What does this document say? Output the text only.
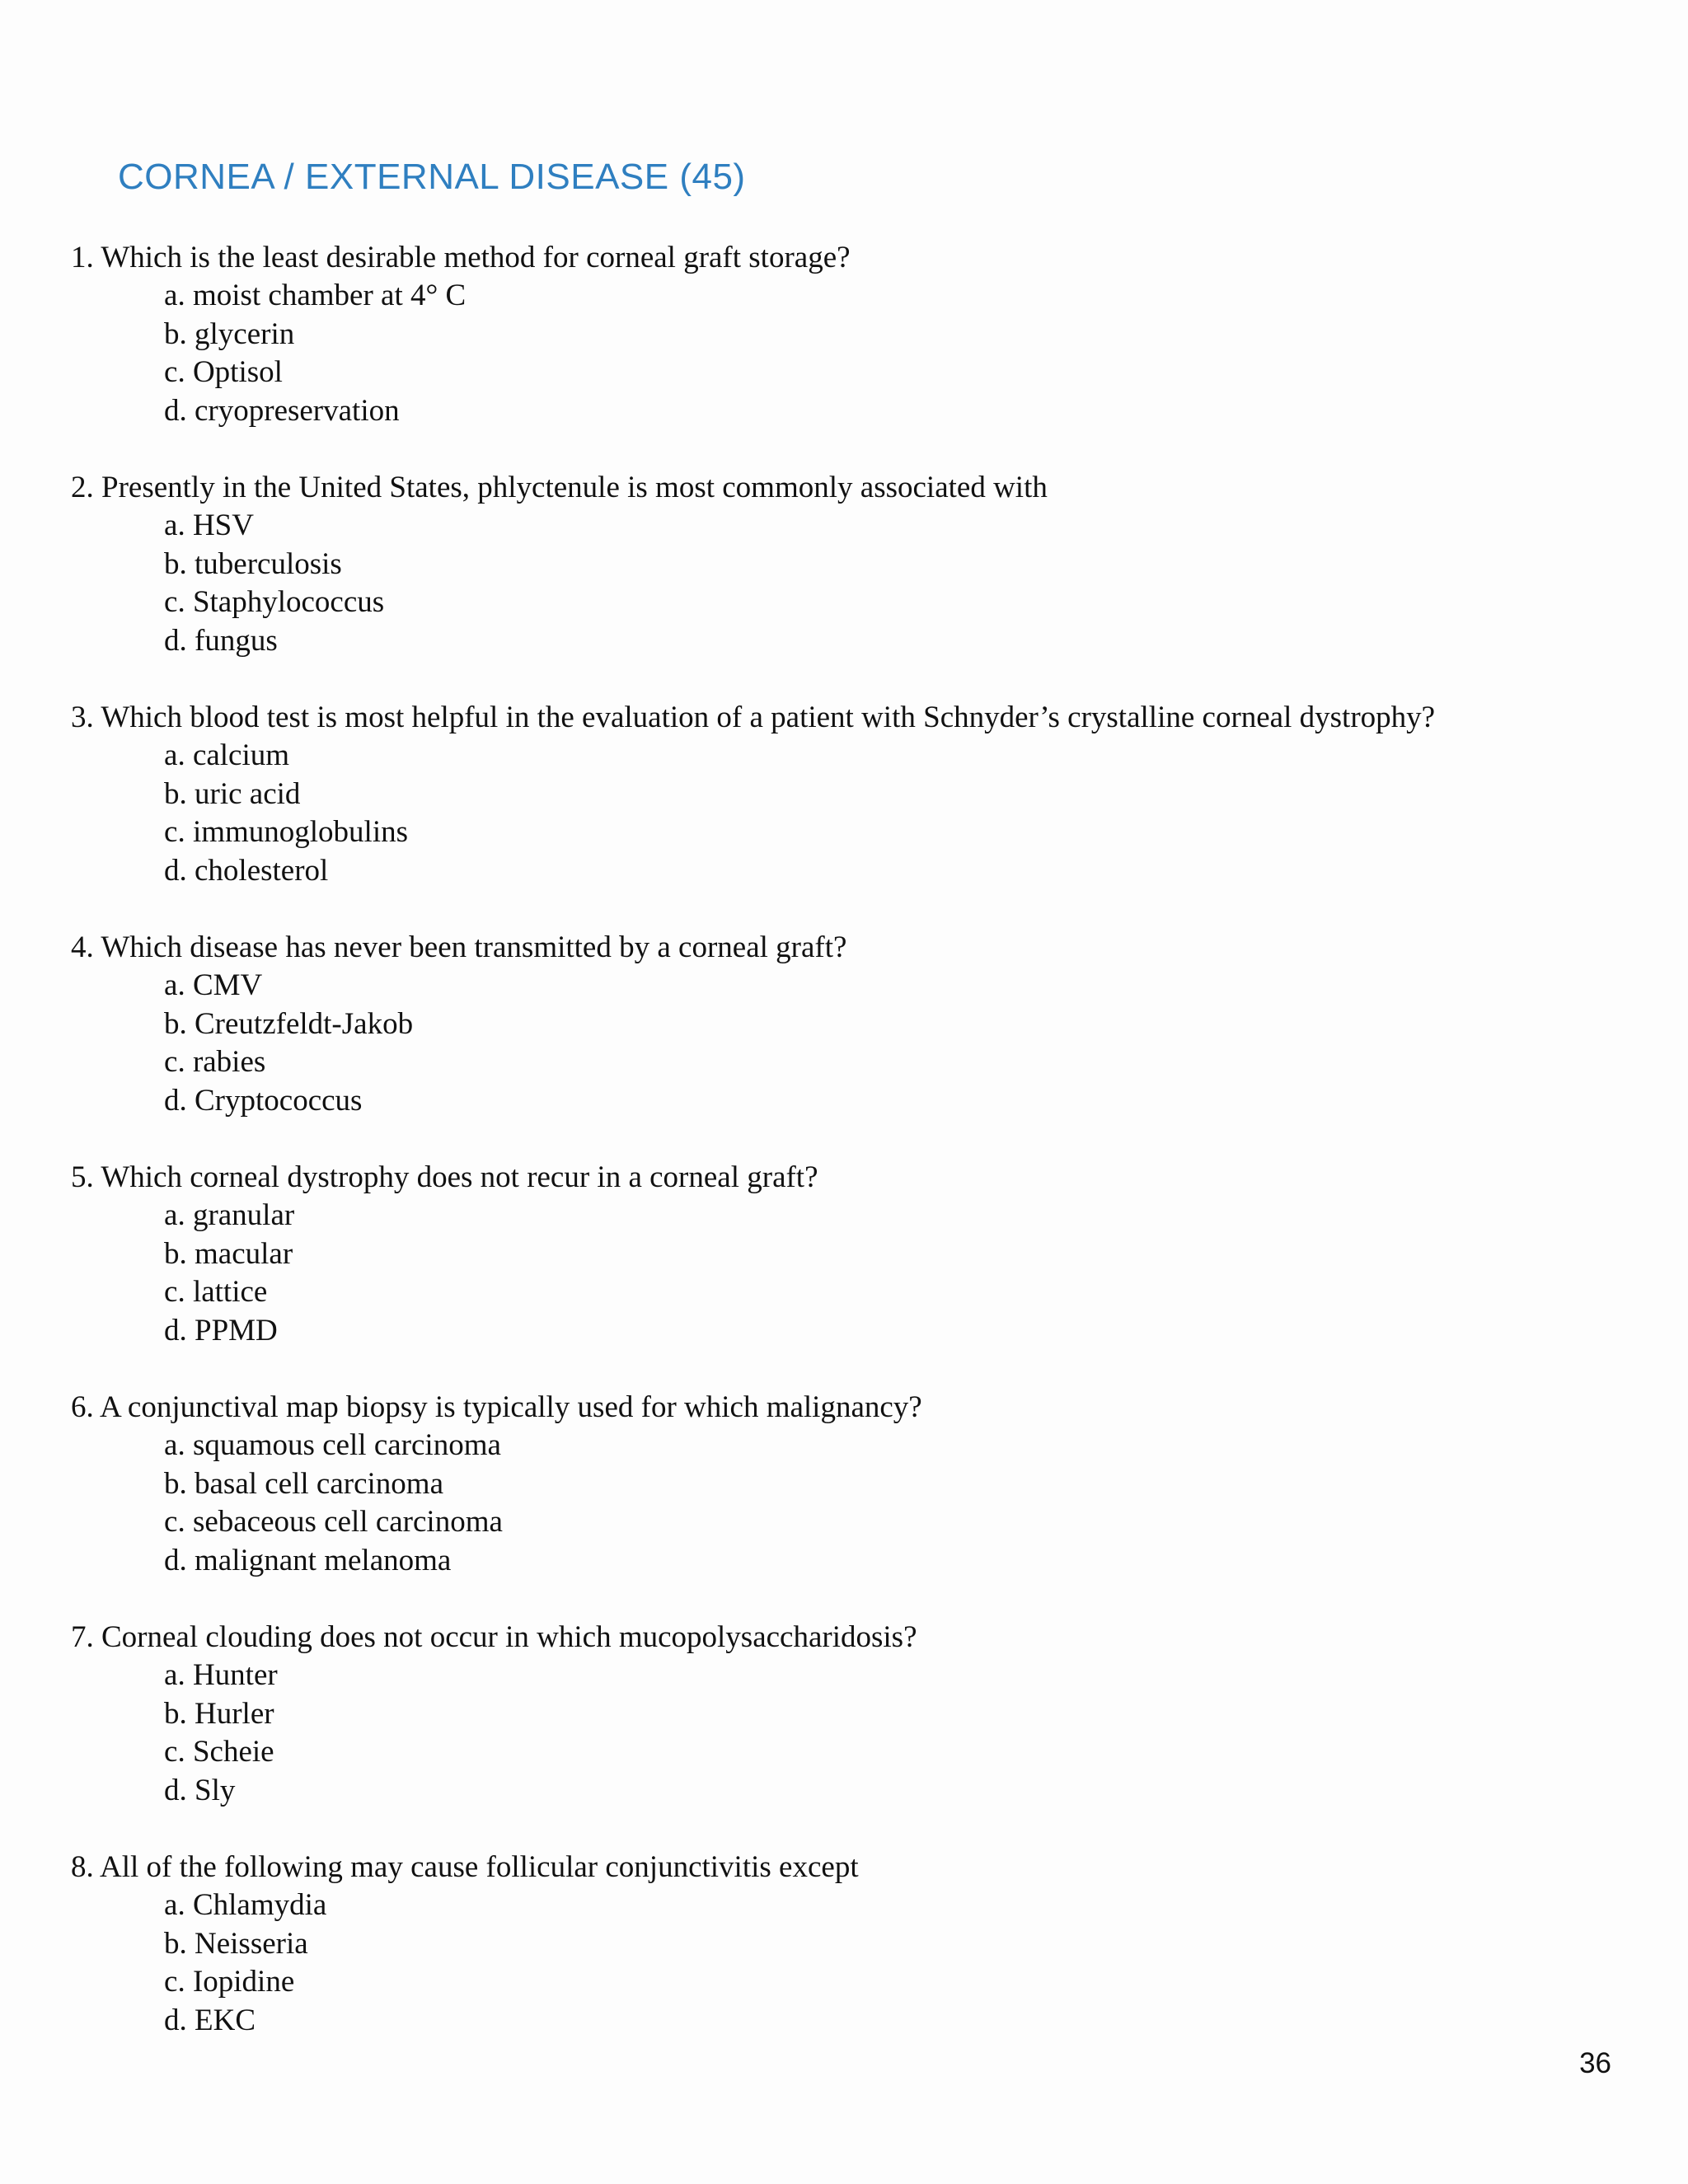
CORNEA / EXTERNAL DISEASE (45)
1 . Which is the least desirable method for corneal graft storage?
a . moist chamber at 4° C
b . glycerin
c . Optisol
d . cryopreservation
2 . Presently in the United States, phlyctenule is most commonly associated with
a . HSV
b . tuberculosis
c . Staphylococcus
d . fungus
3 . Which blood test is most helpful in the evaluation of a patient with Schnyder’s crystalline corneal dystrophy?
a . calcium
b . uric acid
c . immunoglobulins
d . cholesterol
4 . Which disease has never been transmitted by a corneal graft?
a . CMV
b . Creutzfeldt-Jakob
c . rabies
d . Cryptococcus
5 . Which corneal dystrophy does not recur in a corneal graft?
a . granular
b . macular
c . lattice
d . PPMD
6 . A conjunctival map biopsy is typically used for which malignancy?
a . squamous cell carcinoma
b . basal cell carcinoma
c . sebaceous cell carcinoma
d . malignant melanoma
7 . Corneal clouding does not occur in which mucopolysaccharidosis?
a . Hunter
b . Hurler
c . Scheie
d . Sly
8 . All of the following may cause follicular conjunctivitis except
a . Chlamydia
b . Neisseria
c . Iopidine
d . EKC
36
